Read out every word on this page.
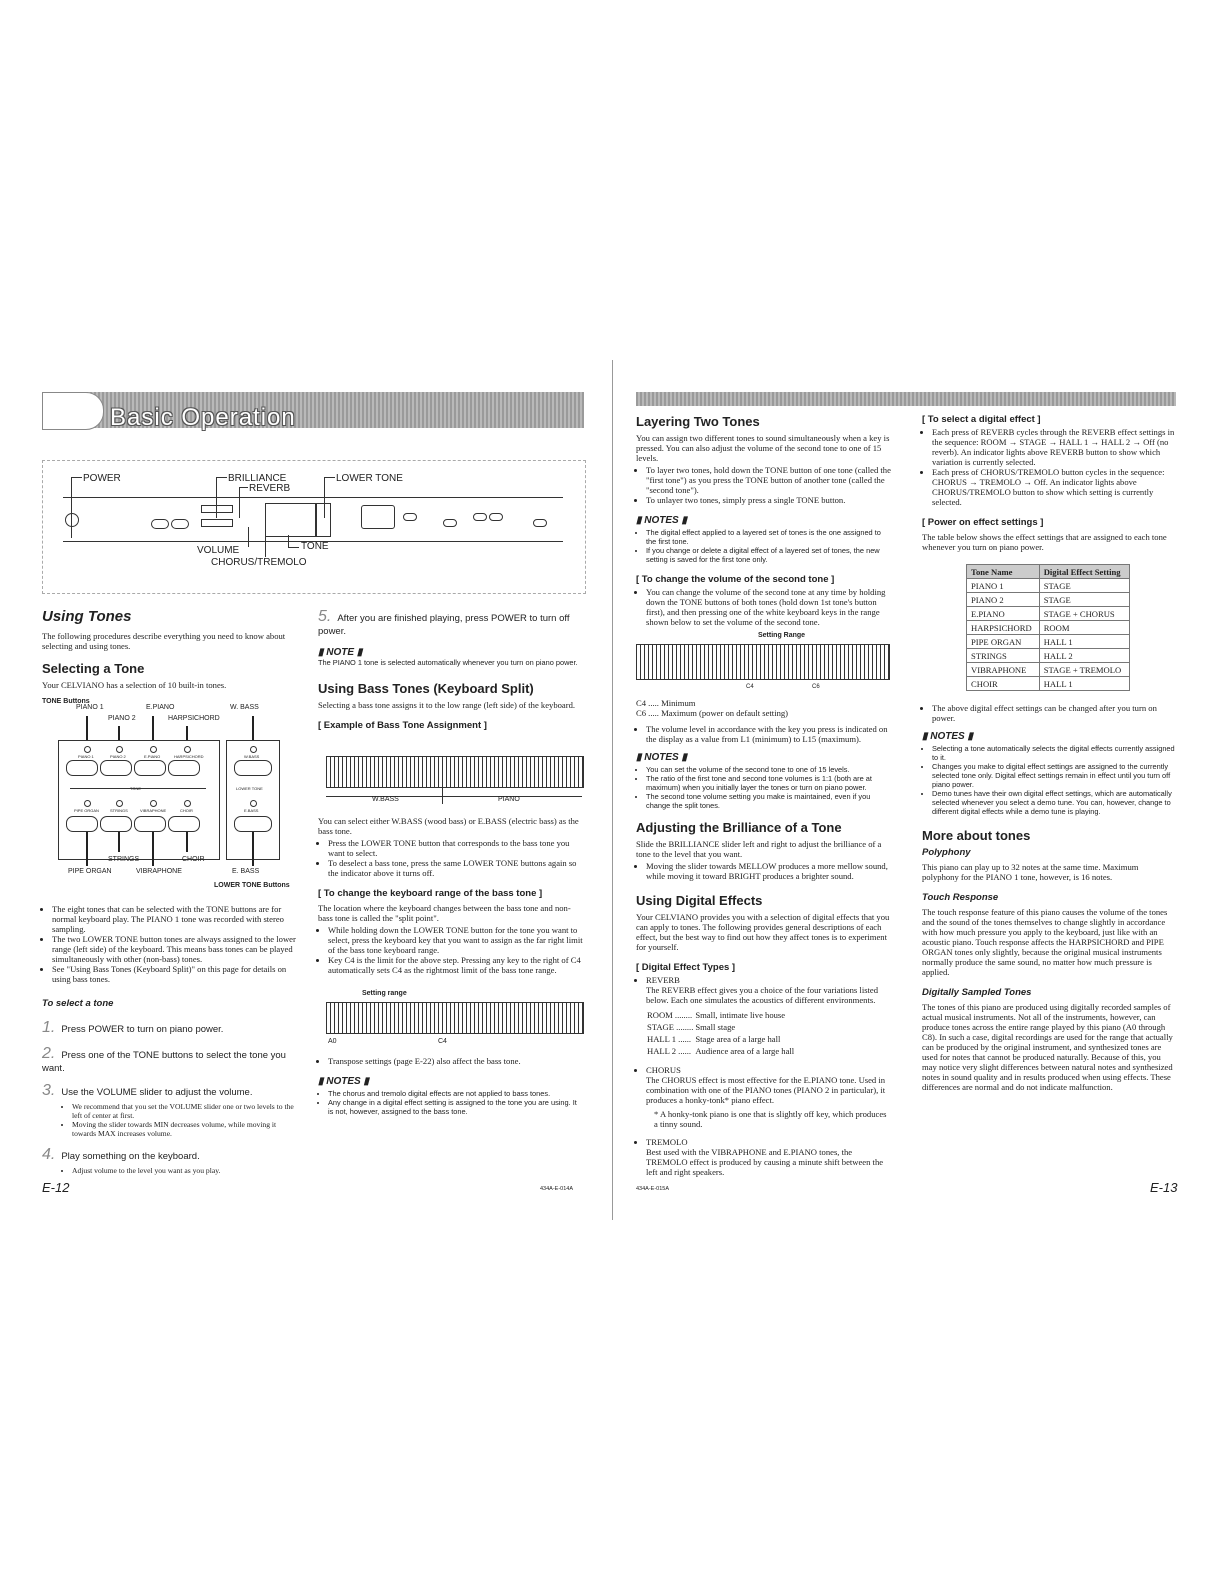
Basic Operation
POWER	BRILLIANCE
REVERB
LOWER TONE
VOLUME	TONE
CHORUS/TREMOLO
Using Tones
The following procedures describe everything you need to know about selecting and using tones.
Selecting a Tone
Your CELVIANO has a selection of 10 built-in tones.
TONE Buttons
PIANO 1	E.PIANO	W. BASS
PIANO 2	HARPSICHORD
PIANO 1	PIANO 2	E.PIANO	HARPSICHORD	W.BASS
TONE	LOWER TONE
PIPE ORGAN	STRINGS	VIBRAPHONE	CHOIR	E.BASS
STRINGS	CHOIR
PIPE ORGAN	VIBRAPHONE	E. BASS
LOWER TONE Buttons
• The eight tones that can be selected with the TONE buttons are for normal keyboard play. The PIANO 1 tone was recorded with stereo sampling.
• The two LOWER TONE button tones are always assigned to the lower range (left side) of the keyboard. This means bass tones can be played simultaneously with other (non-bass) tones.
• See "Using Bass Tones (Keyboard Split)" on this page for details on using bass tones.
To select a tone
1. Press POWER to turn on piano power.
2. Press one of the TONE buttons to select the tone you want.
3. Use the VOLUME slider to adjust the volume.
• We recommend that you set the VOLUME slider one or two levels to the left of center at first.
• Moving the slider towards MIN decreases volume, while moving it towards MAX increases volume.
4. Play something on the keyboard.
• Adjust volume to the level you want as you play.
E-12
5. After you are finished playing, press POWER to turn off power.
▮ NOTE ▮
The PIANO 1 tone is selected automatically whenever you turn on piano power.
Using Bass Tones (Keyboard Split)
Selecting a bass tone assigns it to the low range (left side) of the keyboard.
[ Example of Bass Tone Assignment ]
W.BASS	PIANO
You can select either W.BASS (wood bass) or E.BASS (electric bass) as the bass tone.
• Press the LOWER TONE button that corresponds to the bass tone you want to select.
• To deselect a bass tone, press the same LOWER TONE buttons again so the indicator above it turns off.
[ To change the keyboard range of the bass tone ]
The location where the keyboard changes between the bass tone and non-bass tone is called the "split point".
• While holding down the LOWER TONE button for the tone you want to select, press the keyboard key that you want to assign as the far right limit of the bass tone keyboard range.
• Key C4 is the limit for the above step. Pressing any key to the right of C4 automatically sets C4 as the rightmost limit of the bass tone range.
Setting range
A0	C4
• Transpose settings (page E-22) also affect the bass tone.
▮ NOTES ▮
• The chorus and tremolo digital effects are not applied to bass tones.
• Any change in a digital effect setting is assigned to the tone you are using. It is not, however, assigned to the bass tone.
434A-E-014A
Layering Two Tones
You can assign two different tones to sound simultaneously when a key is pressed. You can also adjust the volume of the second tone to one of 15 levels.
• To layer two tones, hold down the TONE button of one tone (called the "first tone") as you press the TONE button of another tone (called the "second tone").
• To unlayer two tones, simply press a single TONE button.
▮ NOTES ▮
• The digital effect applied to a layered set of tones is the one assigned to the first tone.
• If you change or delete a digital effect of a layered set of tones, the new setting is saved for the first tone only.
[ To change the volume of the second tone ]
• You can change the volume of the second tone at any time by holding down the TONE buttons of both tones (hold down 1st tone's button first), and then pressing one of the white keyboard keys in the range shown below to set the volume of the second tone.
Setting Range
C4	C6
C4 ..... Minimum
C6 ..... Maximum (power on default setting)
• The volume level in accordance with the key you press is indicated on the display as a value from L1 (minimum) to L15 (maximum).
▮ NOTES ▮
• You can set the volume of the second tone to one of 15 levels.
• The ratio of the first tone and second tone volumes is 1:1 (both are at maximum) when you initially layer the tones or turn on piano power.
• The second tone volume setting you make is maintained, even if you change the split tones.
Adjusting the Brilliance of a Tone
Slide the BRILLIANCE slider left and right to adjust the brilliance of a tone to the level that you want.
• Moving the slider towards MELLOW produces a more mellow sound, while moving it toward BRIGHT produces a brighter sound.
Using Digital Effects
Your CELVIANO provides you with a selection of digital effects that you can apply to tones. The following provides general descriptions of each effect, but the best way to find out how they affect tones is to experiment for yourself.
[ Digital Effect Types ]
• REVERB
The REVERB effect gives you a choice of the four variations listed below. Each one simulates the acoustics of different environments.
ROOM ........	Small, intimate live house
STAGE ........	Small stage
HALL 1 ......	Stage area of a large hall
HALL 2 ......	Audience area of a large hall
• CHORUS
The CHORUS effect is most effective for the E.PIANO tone. Used in combination with one of the PIANO tones (PIANO 2 in particular), it produces a honky-tonk* piano effect.
* A honky-tonk piano is one that is slightly off key, which produces a tinny sound.
• TREMOLO
Best used with the VIBRAPHONE and E.PIANO tones, the TREMOLO effect is produced by causing a minute shift between the left and right speakers.
434A-E-015A
[ To select a digital effect ]
• Each press of REVERB cycles through the REVERB effect settings in the sequence: ROOM → STAGE → HALL 1 → HALL 2 → Off (no reverb). An indicator lights above REVERB button to show which variation is currently selected.
• Each press of CHORUS/TREMOLO button cycles in the sequence: CHORUS → TREMOLO → Off. An indicator lights above CHORUS/TREMOLO button to show which setting is currently selected.
[ Power on effect settings ]
The table below shows the effect settings that are assigned to each tone whenever you turn on piano power.
Tone Name	Digital Effect Setting
PIANO 1	STAGE
PIANO 2	STAGE
E.PIANO	STAGE + CHORUS
HARPSICHORD	ROOM
PIPE ORGAN	HALL 1
STRINGS	HALL 2
VIBRAPHONE	STAGE + TREMOLO
CHOIR	HALL 1
• The above digital effect settings can be changed after you turn on power.
▮ NOTES ▮
• Selecting a tone automatically selects the digital effects currently assigned to it.
• Changes you make to digital effect settings are assigned to the currently selected tone only. Digital effect settings remain in effect until you turn off piano power.
• Demo tunes have their own digital effect settings, which are automatically selected whenever you select a demo tune. You can, however, change to different digital effects while a demo tune is playing.
More about tones
Polyphony
This piano can play up to 32 notes at the same time. Maximum polyphony for the PIANO 1 tone, however, is 16 notes.
Touch Response
The touch response feature of this piano causes the volume of the tones and the sound of the tones themselves to change slightly in accordance with how much pressure you apply to the keyboard, just like with an acoustic piano. Touch response affects the HARPSICHORD and PIPE ORGAN tones only slightly, because the original musical instruments normally produce the same sound, no matter how much pressure is applied.
Digitally Sampled Tones
The tones of this piano are produced using digitally recorded samples of actual musical instruments. Not all of the instruments, however, can produce tones across the entire range played by this piano (A0 through C8). In such a case, digital recordings are used for the range that actually can be produced by the original instrument, and synthesized tones are used for notes that cannot be produced naturally. Because of this, you may notice very slight differences between natural notes and synthesized notes in sound quality and in results produced when using effects. These differences are normal and do not indicate malfunction.
E-13
